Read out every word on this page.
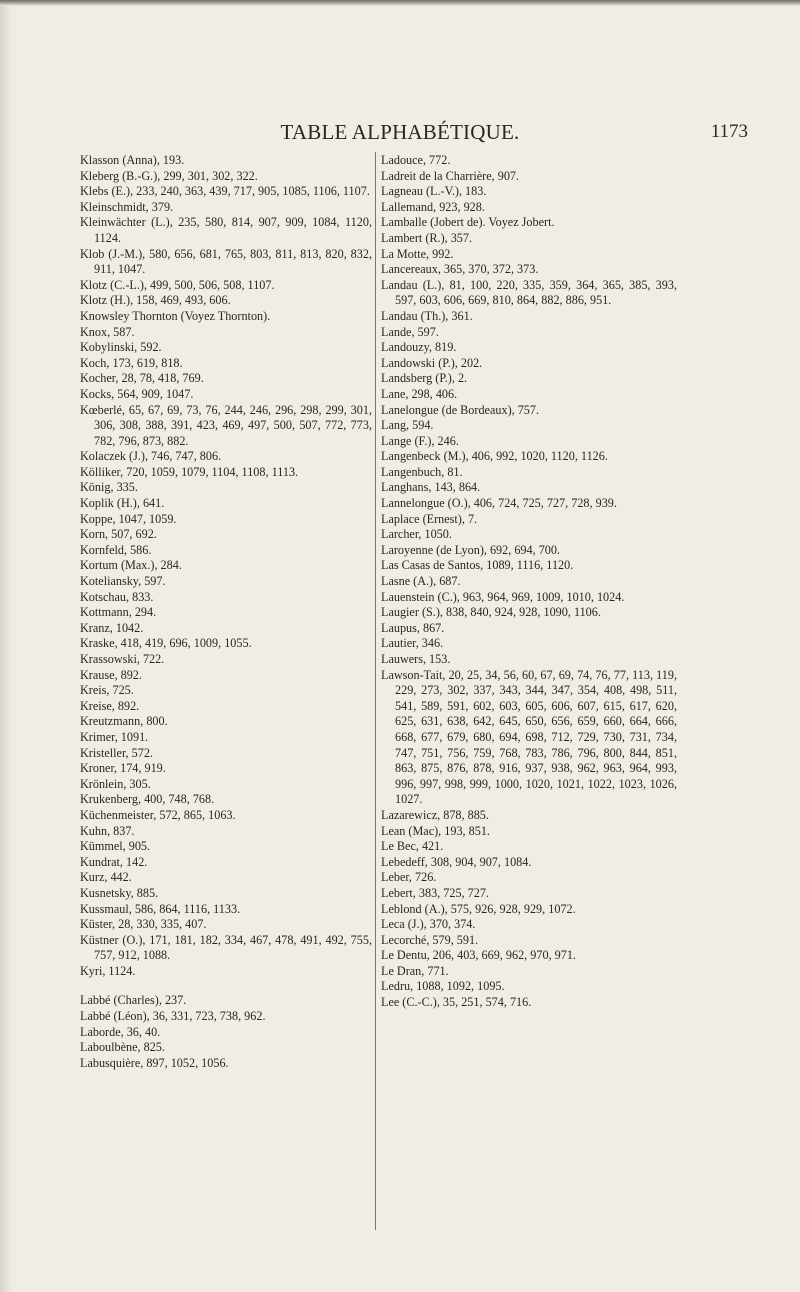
TABLE ALPHABÉTIQUE.	1173

Klasson (Anna), 193.

Kleberg (B.-G.), 299, 301, 302, 322.

Klebs (E.), 233, 240, 363, 439, 717, 905, 1085, 1106, 1107.

Kleinschmidt, 379.

Kleinwächter (L.), 235, 580, 814, 907, 909, 1084, 1120, 1124.

Klob (J.-M.), 580, 656, 681, 765, 803, 811, 813, 820, 832, 911, 1047.

Klotz (C.-L.), 499, 500, 506, 508, 1107.

Klotz (H.), 158, 469, 493, 606.

Knowsley Thornton (Voyez Thornton).

Knox, 587.

Kobylinski, 592.

Koch, 173, 619, 818.

Kocher, 28, 78, 418, 769.

Kocks, 564, 909, 1047.

Kœberlé, 65, 67, 69, 73, 76, 244, 246, 296, 298, 299, 301, 306, 308, 388, 391, 423, 469, 497, 500, 507, 772, 773, 782, 796, 873, 882.

Kolaczek (J.), 746, 747, 806.

Kölliker, 720, 1059, 1079, 1104, 1108, 1113.

König, 335.

Koplik (H.), 641.

Koppe, 1047, 1059.

Korn, 507, 692.

Kornfeld, 586.

Kortum (Max.), 284.

Koteliansky, 597.

Kotschau, 833.

Kottmann, 294.

Kranz, 1042.

Kraske, 418, 419, 696, 1009, 1055.

Krassowski, 722.

Krause, 892.

Kreis, 725.

Kreise, 892.

Kreutzmann, 800.

Krimer, 1091.

Kristeller, 572.

Kroner, 174, 919.

Krönlein, 305.

Krukenberg, 400, 748, 768.

Küchenmeister, 572, 865, 1063.

Kuhn, 837.

Kümmel, 905.

Kundrat, 142.

Kurz, 442.

Kusnetsky, 885.

Kussmaul, 586, 864, 1116, 1133.

Küster, 28, 330, 335, 407.

Küstner (O.), 171, 181, 182, 334, 467, 478, 491, 492, 755, 757, 912, 1088.

Kyri, 1124.

Labbé (Charles), 237.

Labbé (Léon), 36, 331, 723, 738, 962.

Laborde, 36, 40.

Laboulbène, 825.

Labusquière, 897, 1052, 1056.

Ladouce, 772.

Ladreit de la Charrière, 907.

Lagneau (L.-V.), 183.

Lallemand, 923, 928.

Lamballe (Jobert de). Voyez Jobert.

Lambert (R.), 357.

La Motte, 992.

Lancereaux, 365, 370, 372, 373.

Landau (L.), 81, 100, 220, 335, 359, 364, 365, 385, 393, 597, 603, 606, 669, 810, 864, 882, 886, 951.

Landau (Th.), 361.

Lande, 597.

Landouzy, 819.

Landowski (P.), 202.

Landsberg (P.), 2.

Lane, 298, 406.

Lanelongue (de Bordeaux), 757.

Lang, 594.

Lange (F.), 246.

Langenbeck (M.), 406, 992, 1020, 1120, 1126.

Langenbuch, 81.

Langhans, 143, 864.

Lannelongue (O.), 406, 724, 725, 727, 728, 939.

Laplace (Ernest), 7.

Larcher, 1050.

Laroyenne (de Lyon), 692, 694, 700.

Las Casas de Santos, 1089, 1116, 1120.

Lasne (A.), 687.

Lauenstein (C.), 963, 964, 969, 1009, 1010, 1024.

Laugier (S.), 838, 840, 924, 928, 1090, 1106.

Laupus, 867.

Lautier, 346.

Lauwers, 153.

Lawson-Tait, 20, 25, 34, 56, 60, 67, 69, 74, 76, 77, 113, 119, 229, 273, 302, 337, 343, 344, 347, 354, 408, 498, 511, 541, 589, 591, 602, 603, 605, 606, 607, 615, 617, 620, 625, 631, 638, 642, 645, 650, 656, 659, 660, 664, 666, 668, 677, 679, 680, 694, 698, 712, 729, 730, 731, 734, 747, 751, 756, 759, 768, 783, 786, 796, 800, 844, 851, 863, 875, 876, 878, 916, 937, 938, 962, 963, 964, 993, 996, 997, 998, 999, 1000, 1020, 1021, 1022, 1023, 1026, 1027.

Lazarewicz, 878, 885.

Lean (Mac), 193, 851.

Le Bec, 421.

Lebedeff, 308, 904, 907, 1084.

Leber, 726.

Lebert, 383, 725, 727.

Leblond (A.), 575, 926, 928, 929, 1072.

Leca (J.), 370, 374.

Lecorché, 579, 591.

Le Dentu, 206, 403, 669, 962, 970, 971.

Le Dran, 771.

Ledru, 1088, 1092, 1095.

Lee (C.-C.), 35, 251, 574, 716.
